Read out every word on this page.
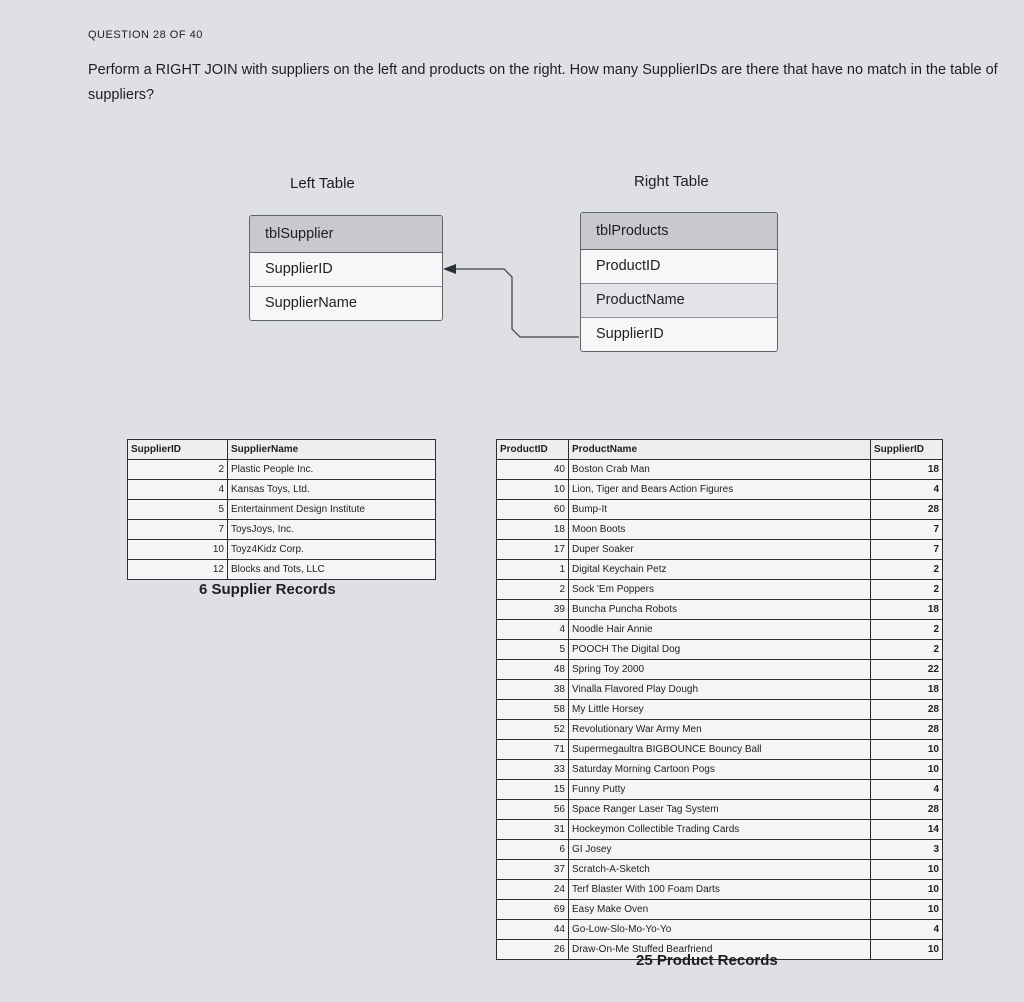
QUESTION 28 OF 40
Perform a RIGHT JOIN with suppliers on the left and products on the right. How many SupplierIDs are there that have no match in the table of suppliers?
Left Table	Right Table
tblSupplier
SupplierID
SupplierName
tblProducts
ProductID
ProductName
SupplierID
SupplierID	SupplierName
2	Plastic People Inc.
4	Kansas Toys, Ltd.
5	Entertainment Design Institute
7	ToysJoys, Inc.
10	Toyz4Kidz Corp.
12	Blocks and Tots, LLC
6 Supplier Records
ProductID	ProductName	SupplierID
40	Boston Crab Man	18
10	Lion, Tiger and Bears Action Figures	4
60	Bump-It	28
18	Moon Boots	7
17	Duper Soaker	7
1	Digital Keychain Petz	2
2	Sock 'Em Poppers	2
39	Buncha Puncha Robots	18
4	Noodle Hair Annie	2
5	POOCH The Digital Dog	2
48	Spring Toy 2000	22
38	Vinalla Flavored Play Dough	18
58	My Little Horsey	28
52	Revolutionary War Army Men	28
71	Supermegaultra BIGBOUNCE Bouncy Ball	10
33	Saturday Morning Cartoon Pogs	10
15	Funny Putty	4
56	Space Ranger Laser Tag System	28
31	Hockeymon Collectible Trading Cards	14
6	GI Josey	3
37	Scratch-A-Sketch	10
24	Terf Blaster With 100 Foam Darts	10
69	Easy Make Oven	10
44	Go-Low-Slo-Mo-Yo-Yo	4
26	Draw-On-Me Stuffed Bearfriend	10
25 Product Records
